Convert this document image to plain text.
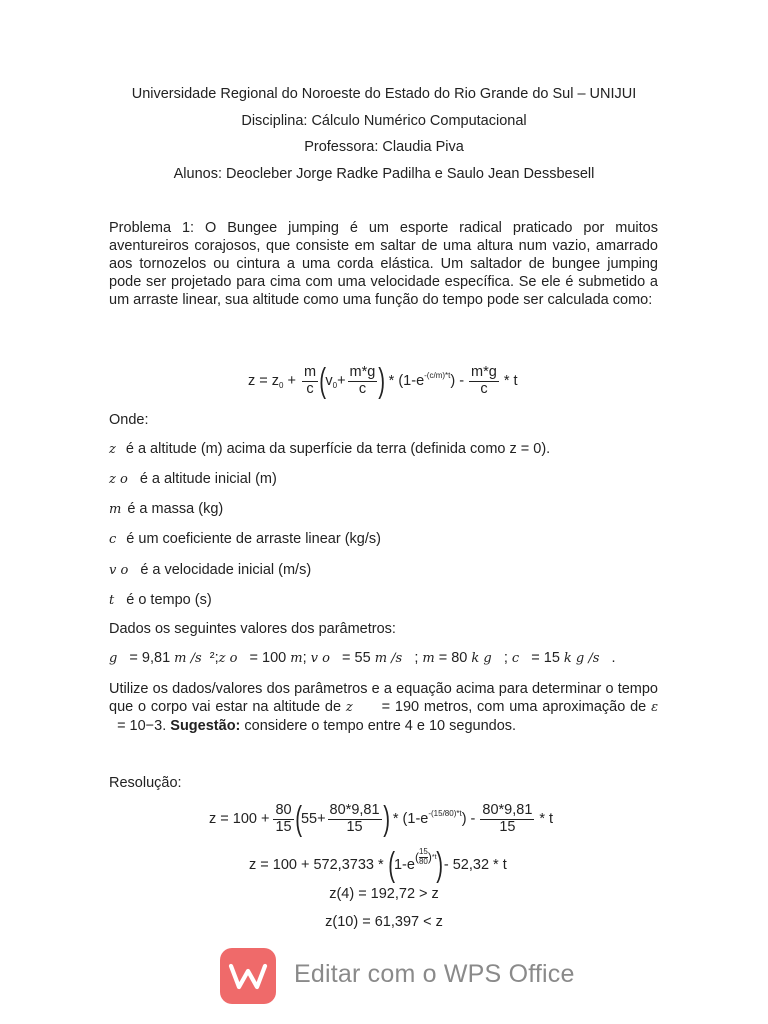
Universidade Regional do Noroeste do Estado do Rio Grande do Sul – UNIJUI
Disciplina: Cálculo Numérico Computacional
Professora: Claudia Piva
Alunos: Deocleber Jorge Radke Padilha e Saulo Jean Dessbesell
Problema 1: O Bungee jumping é um esporte radical praticado por muitos aventureiros corajosos, que consiste em saltar de uma altura num vazio, amarrado aos tornozelos ou cintura a uma corda elástica. Um saltador de bungee jumping pode ser projetado para cima com uma velocidade específica. Se ele é submetido a um arraste linear, sua altitude como uma função do tempo pode ser calculada como:
z = z $0 + \frac{m}{c}$ ( v $0 + \frac{m*g}{c}$ ) * (1-e -(c/m)*t ) - $\frac{m*g}{c}$ * t
Onde:
z é a altitude (m) acima da superfície da terra (definida como z = 0).
z o é a altitude inicial (m)
m é a massa (kg)
c é um coeficiente de arraste linear (kg/s)
v o é a velocidade inicial (m/s)
t é o tempo (s)
Dados os seguintes valores dos parâmetros:
g = 9,81 m /s ²;z o = 100 m; v o = 55 m /s ; m = 80 k g ; c = 15 k g /s .
Utilize os dados/valores dos parâmetros e a equação acima para determinar o tempo que o corpo vai estar na altitude de z = 190 metros, com uma aproximação de ε   = 10−3. Sugestão: considere o tempo entre 4 e 10 segundos.
Resolução:
$z = 100 + \frac{80}{15}$ ( $55+ \frac{80*9,81}{15}$ ) * (1-e -(15/80)*t ) - $\frac{80*9,81}{15}$ * t
z = 100 + 572,3733 * ( 1-e ( $\frac{15}{80}$ ) *t ) - 52,32 * t
z(4) = 192,72 > z
z(10) = 61,397 < z
Editar com o WPS Office
